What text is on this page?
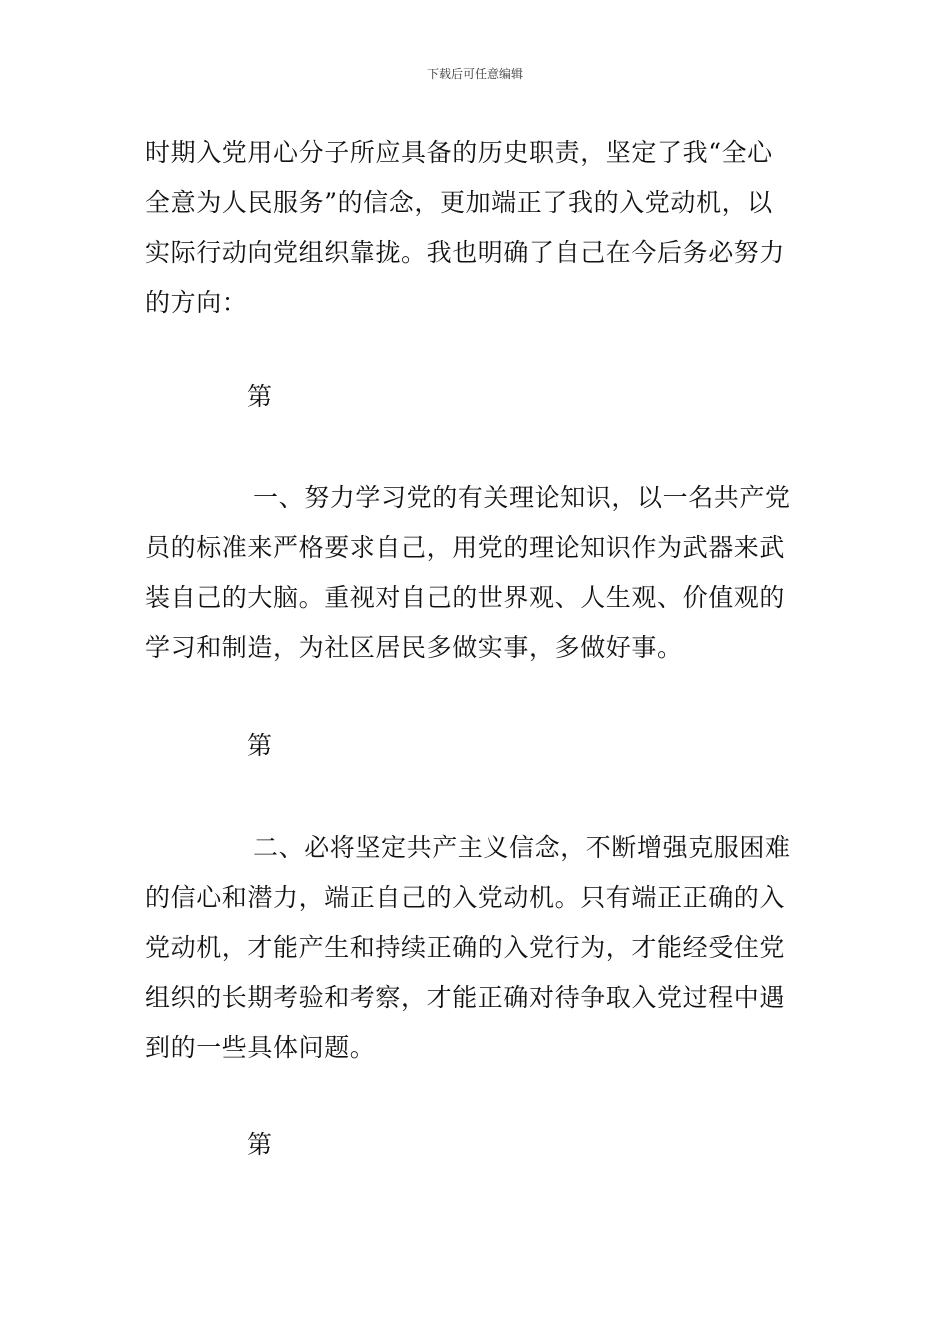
下载后可任意编辑

时期入党用心分子所应具备的历史职责，坚定了我“全心
全意为人民服务”的信念，更加端正了我的入党动机，以
实际行动向党组织靠拢。我也明确了自己在今后务必努力
的方向：

第

一、努力学习党的有关理论知识，以一名共产党
员的标准来严格要求自己，用党的理论知识作为武器来武
装自己的大脑。重视对自己的世界观、人生观、价值观的
学习和制造，为社区居民多做实事，多做好事。

第

二、必将坚定共产主义信念，不断增强克服困难
的信心和潜力，端正自己的入党动机。只有端正正确的入
党动机，才能产生和持续正确的入党行为，才能经受住党
组织的长期考验和考察，才能正确对待争取入党过程中遇
到的一些具体问题。

第
